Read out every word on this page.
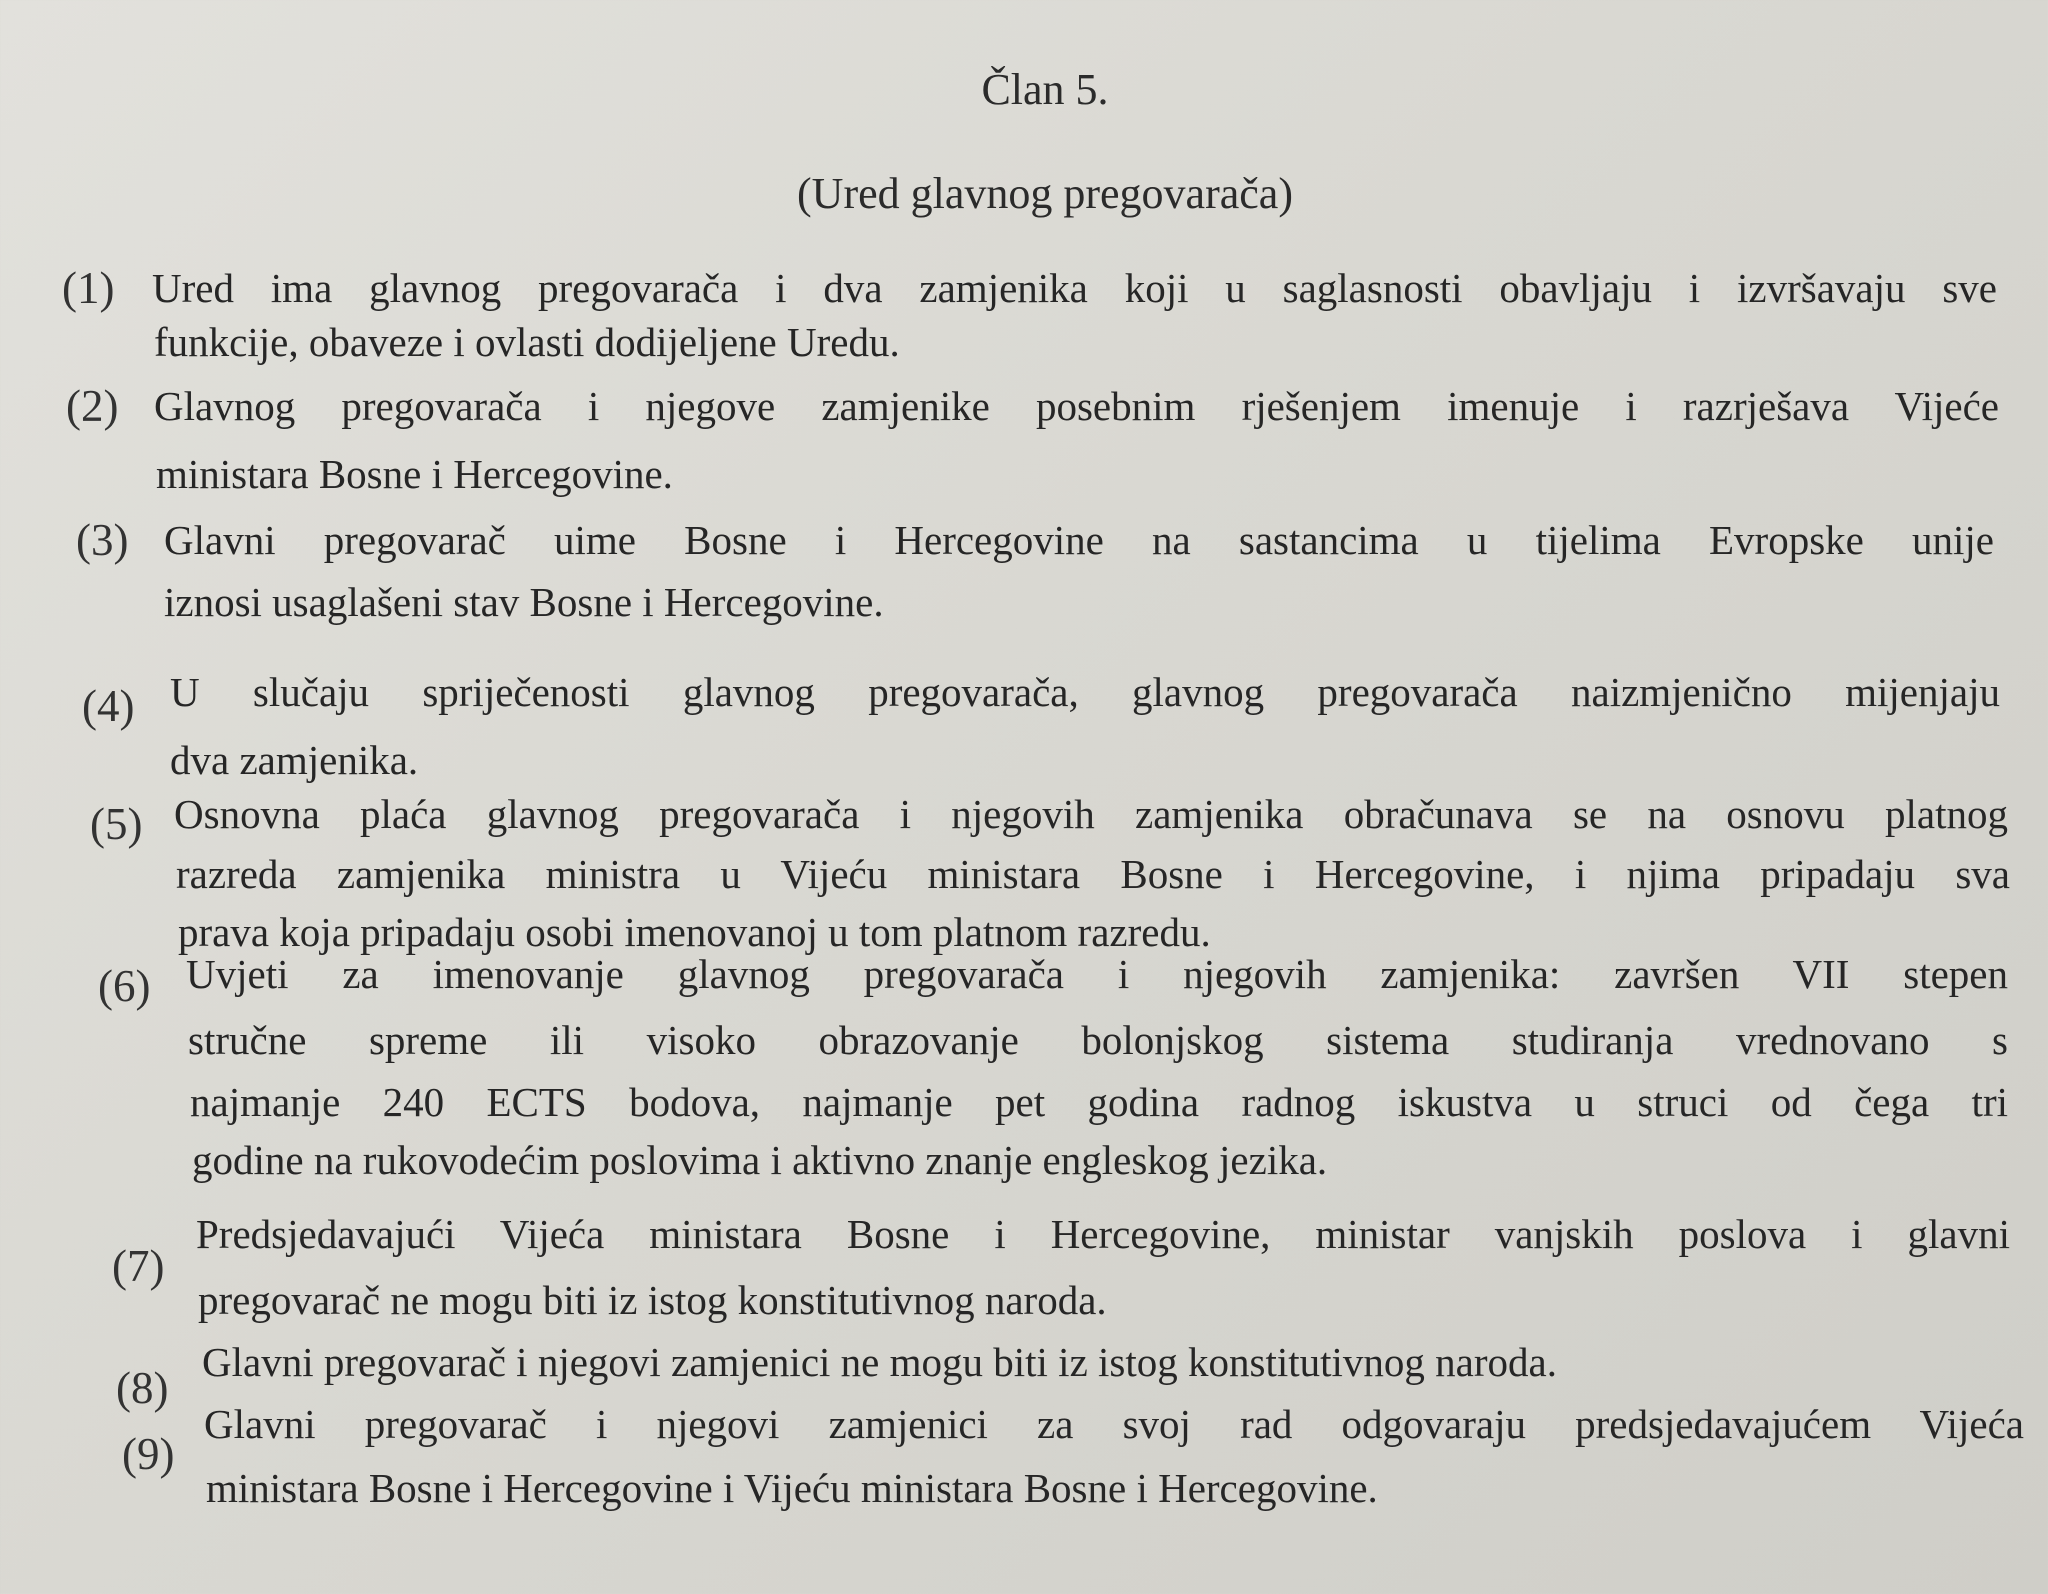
Član 5.
(Ured glavnog pregovarača)
(1) Ured ima glavnog pregovarača i dva zamjenika koji u saglasnosti obavljaju i izvršavaju sve
funkcije, obaveze i ovlasti dodijeljene Uredu.
(2) Glavnog pregovarača i njegove zamjenike posebnim rješenjem imenuje i razrješava Vijeće
ministara Bosne i Hercegovine.
(3) Glavni pregovarač uime Bosne i Hercegovine na sastancima u tijelima Evropske unije
iznosi usaglašeni stav Bosne i Hercegovine.
(4) U slučaju spriječenosti glavnog pregovarača, glavnog pregovarača naizmjenično mijenjaju
dva zamjenika.
(5) Osnovna plaća glavnog pregovarača i njegovih zamjenika obračunava se na osnovu platnog
razreda zamjenika ministra u Vijeću ministara Bosne i Hercegovine, i njima pripadaju sva
prava koja pripadaju osobi imenovanoj u tom platnom razredu.
(6) Uvjeti za imenovanje glavnog pregovarača i njegovih zamjenika: završen VII stepen
stručne spreme ili visoko obrazovanje bolonjskog sistema studiranja vrednovano s
najmanje 240 ECTS bodova, najmanje pet godina radnog iskustva u struci od čega tri
godine na rukovodećim poslovima i aktivno znanje engleskog jezika.
(7)
Predsjedavajući Vijeća ministara Bosne i Hercegovine, ministar vanjskih poslova i glavni
pregovarač ne mogu biti iz istog konstitutivnog naroda.
(8)
Glavni pregovarač i njegovi zamjenici ne mogu biti iz istog konstitutivnog naroda.
(9)
Glavni pregovarač i njegovi zamjenici za svoj rad odgovaraju predsjedavajućem Vijeća
ministara Bosne i Hercegovine i Vijeću ministara Bosne i Hercegovine.
